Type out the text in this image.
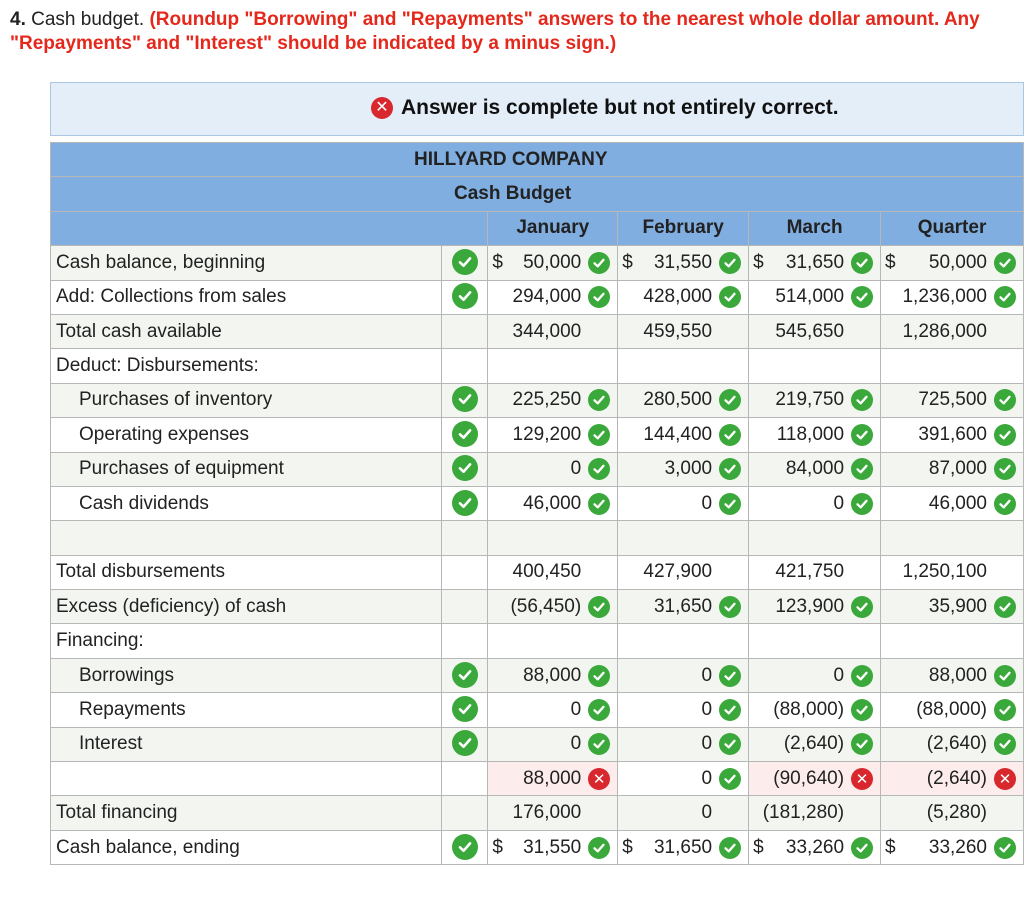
4. Cash budget. (Roundup "Borrowing" and "Repayments" answers to the nearest whole dollar amount. Any "Repayments" and "Interest" should be indicated by a minus sign.)
✕ Answer is complete but not entirely correct.
HILLYARD COMPANY					
Cash Budget					
		January	February	March	Quarter
Cash balance, beginning		$ 50,000	$ 31,550	$ 31,650	$ 50,000

Add: Collections from sales		294,000	428,000	514,000	1,236,000

Total cash available		344,000	459,550	545,650	1,286,000
Deduct: Disbursements:					
Purchases of inventory		225,250	280,500	219,750	725,500

Operating expenses		129,200	144,400	118,000	391,600

Purchases of equipment		0	3,000	84,000	87,000

Cash dividends		46,000	0	0	46,000

Total disbursements		400,450	427,900	421,750	1,250,100
Excess (deficiency) of cash		(56,450)	31,650	123,900	35,900

Financing:					
Borrowings		88,000	0	0	88,000

Repayments		0	0	(88,000)	(88,000)

Interest		0	0	(2,640)	(2,640)

		88,000 ✕	0	(90,640) ✕	(2,640) ✕

Total financing		176,000	0	(181,280)	(5,280)
Cash balance, ending		$ 31,550	$ 31,650	$ 33,260	$ 33,260
